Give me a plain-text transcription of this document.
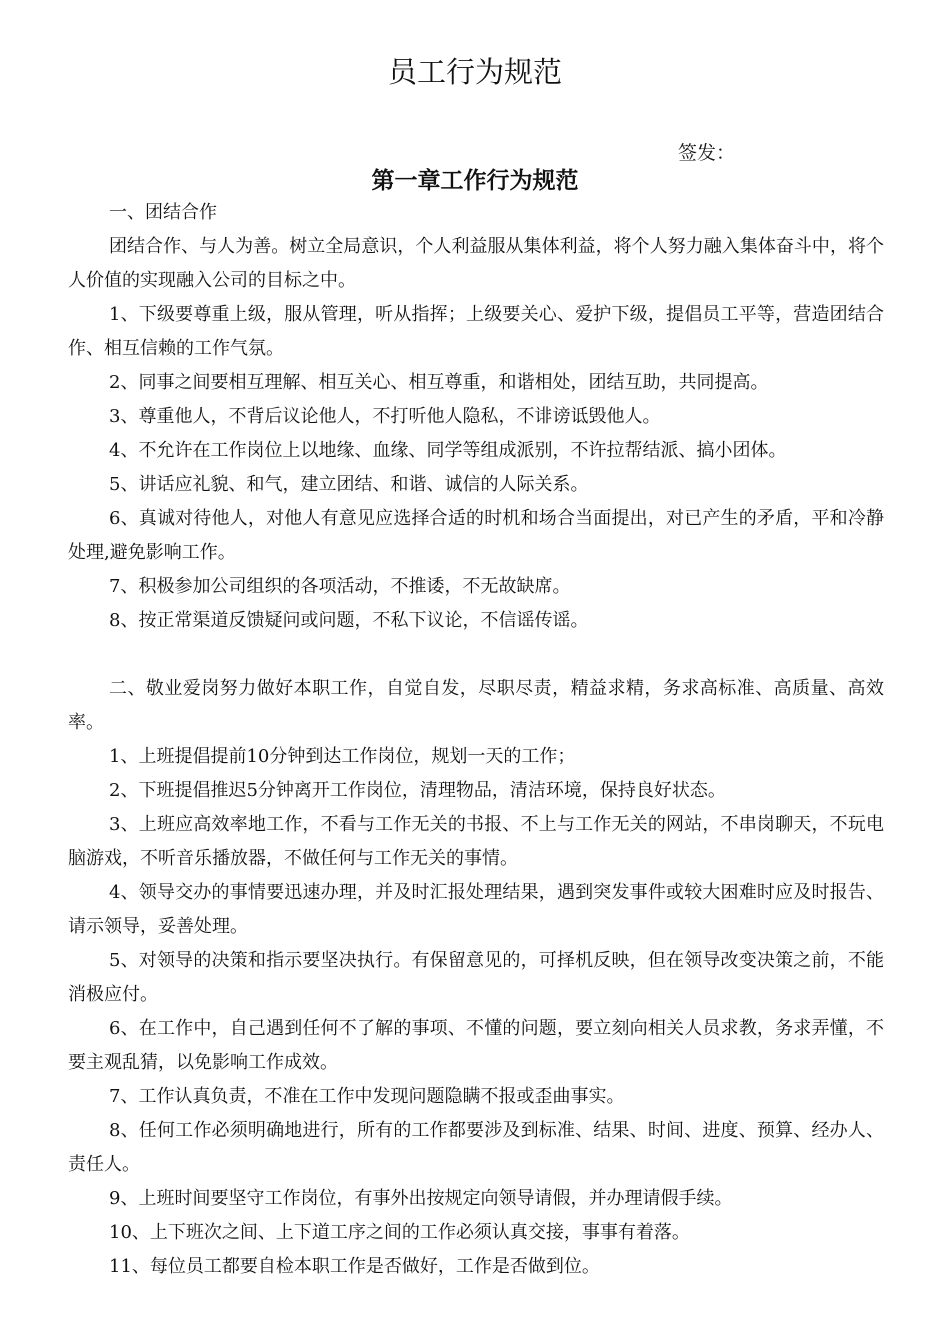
员工行为规范
签发：
第一章工作行为规范

一、团结合作

团结合作、与人为善。树立全局意识，个人利益服从集体利益，将个人努力融入集体奋斗中，将个人价值的实现融入公司的目标之中。

1、下级要尊重上级，服从管理，听从指挥；上级要关心、爱护下级，提倡员工平等，营造团结合作、相互信赖的工作气氛。

2、同事之间要相互理解、相互关心、相互尊重，和谐相处，团结互助，共同提高。

3、尊重他人，不背后议论他人，不打听他人隐私，不诽谤诋毁他人。

4、不允许在工作岗位上以地缘、血缘、同学等组成派别，不许拉帮结派、搞小团体。

5、讲话应礼貌、和气，建立团结、和谐、诚信的人际关系。

6、真诚对待他人，对他人有意见应选择合适的时机和场合当面提出，对已产生的矛盾，平和冷静处理,避免影响工作。

7、积极参加公司组织的各项活动，不推诿，不无故缺席。

8、按正常渠道反馈疑问或问题，不私下议论，不信谣传谣。

二、敬业爱岗努力做好本职工作，自觉自发，尽职尽责，精益求精，务求高标准、高质量、高效率。

1、上班提倡提前10分钟到达工作岗位，规划一天的工作；

2、下班提倡推迟5分钟离开工作岗位，清理物品，清洁环境，保持良好状态。

3、上班应高效率地工作，不看与工作无关的书报、不上与工作无关的网站，不串岗聊天，不玩电脑游戏，不听音乐播放器，不做任何与工作无关的事情。

4、领导交办的事情要迅速办理，并及时汇报处理结果，遇到突发事件或较大困难时应及时报告、请示领导，妥善处理。

5、对领导的决策和指示要坚决执行。有保留意见的，可择机反映，但在领导改变决策之前，不能消极应付。

6、在工作中，自己遇到任何不了解的事项、不懂的问题，要立刻向相关人员求教，务求弄懂，不要主观乱猜，以免影响工作成效。

7、工作认真负责，不准在工作中发现问题隐瞒不报或歪曲事实。

8、任何工作必须明确地进行，所有的工作都要涉及到标准、结果、时间、进度、预算、经办人、责任人。

9、上班时间要坚守工作岗位，有事外出按规定向领导请假，并办理请假手续。

10、上下班次之间、上下道工序之间的工作必须认真交接，事事有着落。

11、每位员工都要自检本职工作是否做好，工作是否做到位。
